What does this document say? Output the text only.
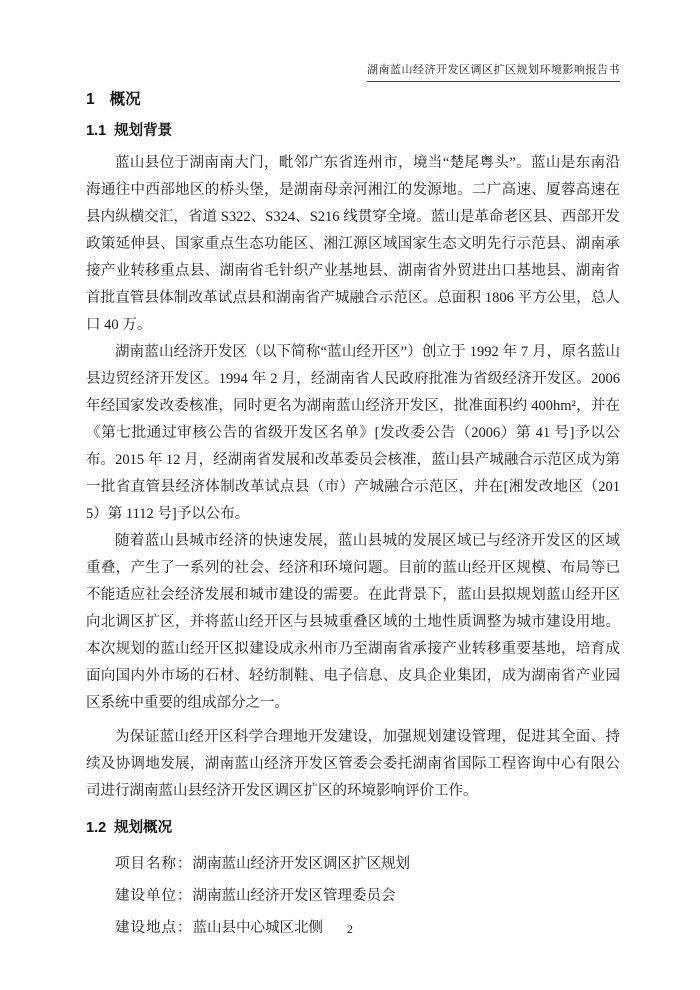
湖南蓝山经济开发区调区扩区规划环境影响报告书
1 概况
1.1 规划背景

蓝山县位于湖南南大门，毗邻广东省连州市，境当“楚尾粤头”。蓝山是东南沿海通往中西部地区的桥头堡，是湖南母亲河湘江的发源地。二广高速、厦蓉高速在县内纵横交汇，省道 S322、S324、S216 线贯穿全境。蓝山是革命老区县、西部开发政策延伸县、国家重点生态功能区、湘江源区域国家生态文明先行示范县、湖南承接产业转移重点县、湖南省毛针织产业基地县、湖南省外贸进出口基地县、湖南省首批直管县体制改革试点县和湖南省产城融合示范区。总面积 1806 平方公里，总人口 40 万。

湖南蓝山经济开发区（以下简称“蓝山经开区”）创立于 1992 年 7 月，原名蓝山县边贸经济开发区。1994 年 2 月，经湖南省人民政府批准为省级经济开发区。2006 年经国家发改委核准，同时更名为湖南蓝山经济开发区，批准面积约 400hm²，并在《第七批通过审核公告的省级开发区名单》[发改委公告（2006）第 41 号]予以公布。2015 年 12 月，经湖南省发展和改革委员会核准，蓝山县产城融合示范区成为第一批省直管县经济体制改革试点县（市）产城融合示范区，并在[湘发改地区（2015）第 1112 号]予以公布。

随着蓝山县城市经济的快速发展，蓝山县城的发展区域已与经济开发区的区域重叠，产生了一系列的社会、经济和环境问题。目前的蓝山经开区规模、布局等已不能适应社会经济发展和城市建设的需要。在此背景下，蓝山县拟规划蓝山经开区向北调区扩区，并将蓝山经开区与县城重叠区域的土地性质调整为城市建设用地。本次规划的蓝山经开区拟建设成永州市乃至湖南省承接产业转移重要基地，培育成面向国内外市场的石材、轻纺制鞋、电子信息、皮具企业集团，成为湖南省产业园区系统中重要的组成部分之一。

为保证蓝山经开区科学合理地开发建设，加强规划建设管理，促进其全面、持续及协调地发展，湖南蓝山经济开发区管委会委托湖南省国际工程咨询中心有限公司进行湖南蓝山县经济开发区调区扩区的环境影响评价工作。

1.2 规划概况
项目名称：湖南蓝山经济开发区调区扩区规划
建设单位：湖南蓝山经济开发区管理委员会
建设地点：蓝山县中心城区北侧	2
